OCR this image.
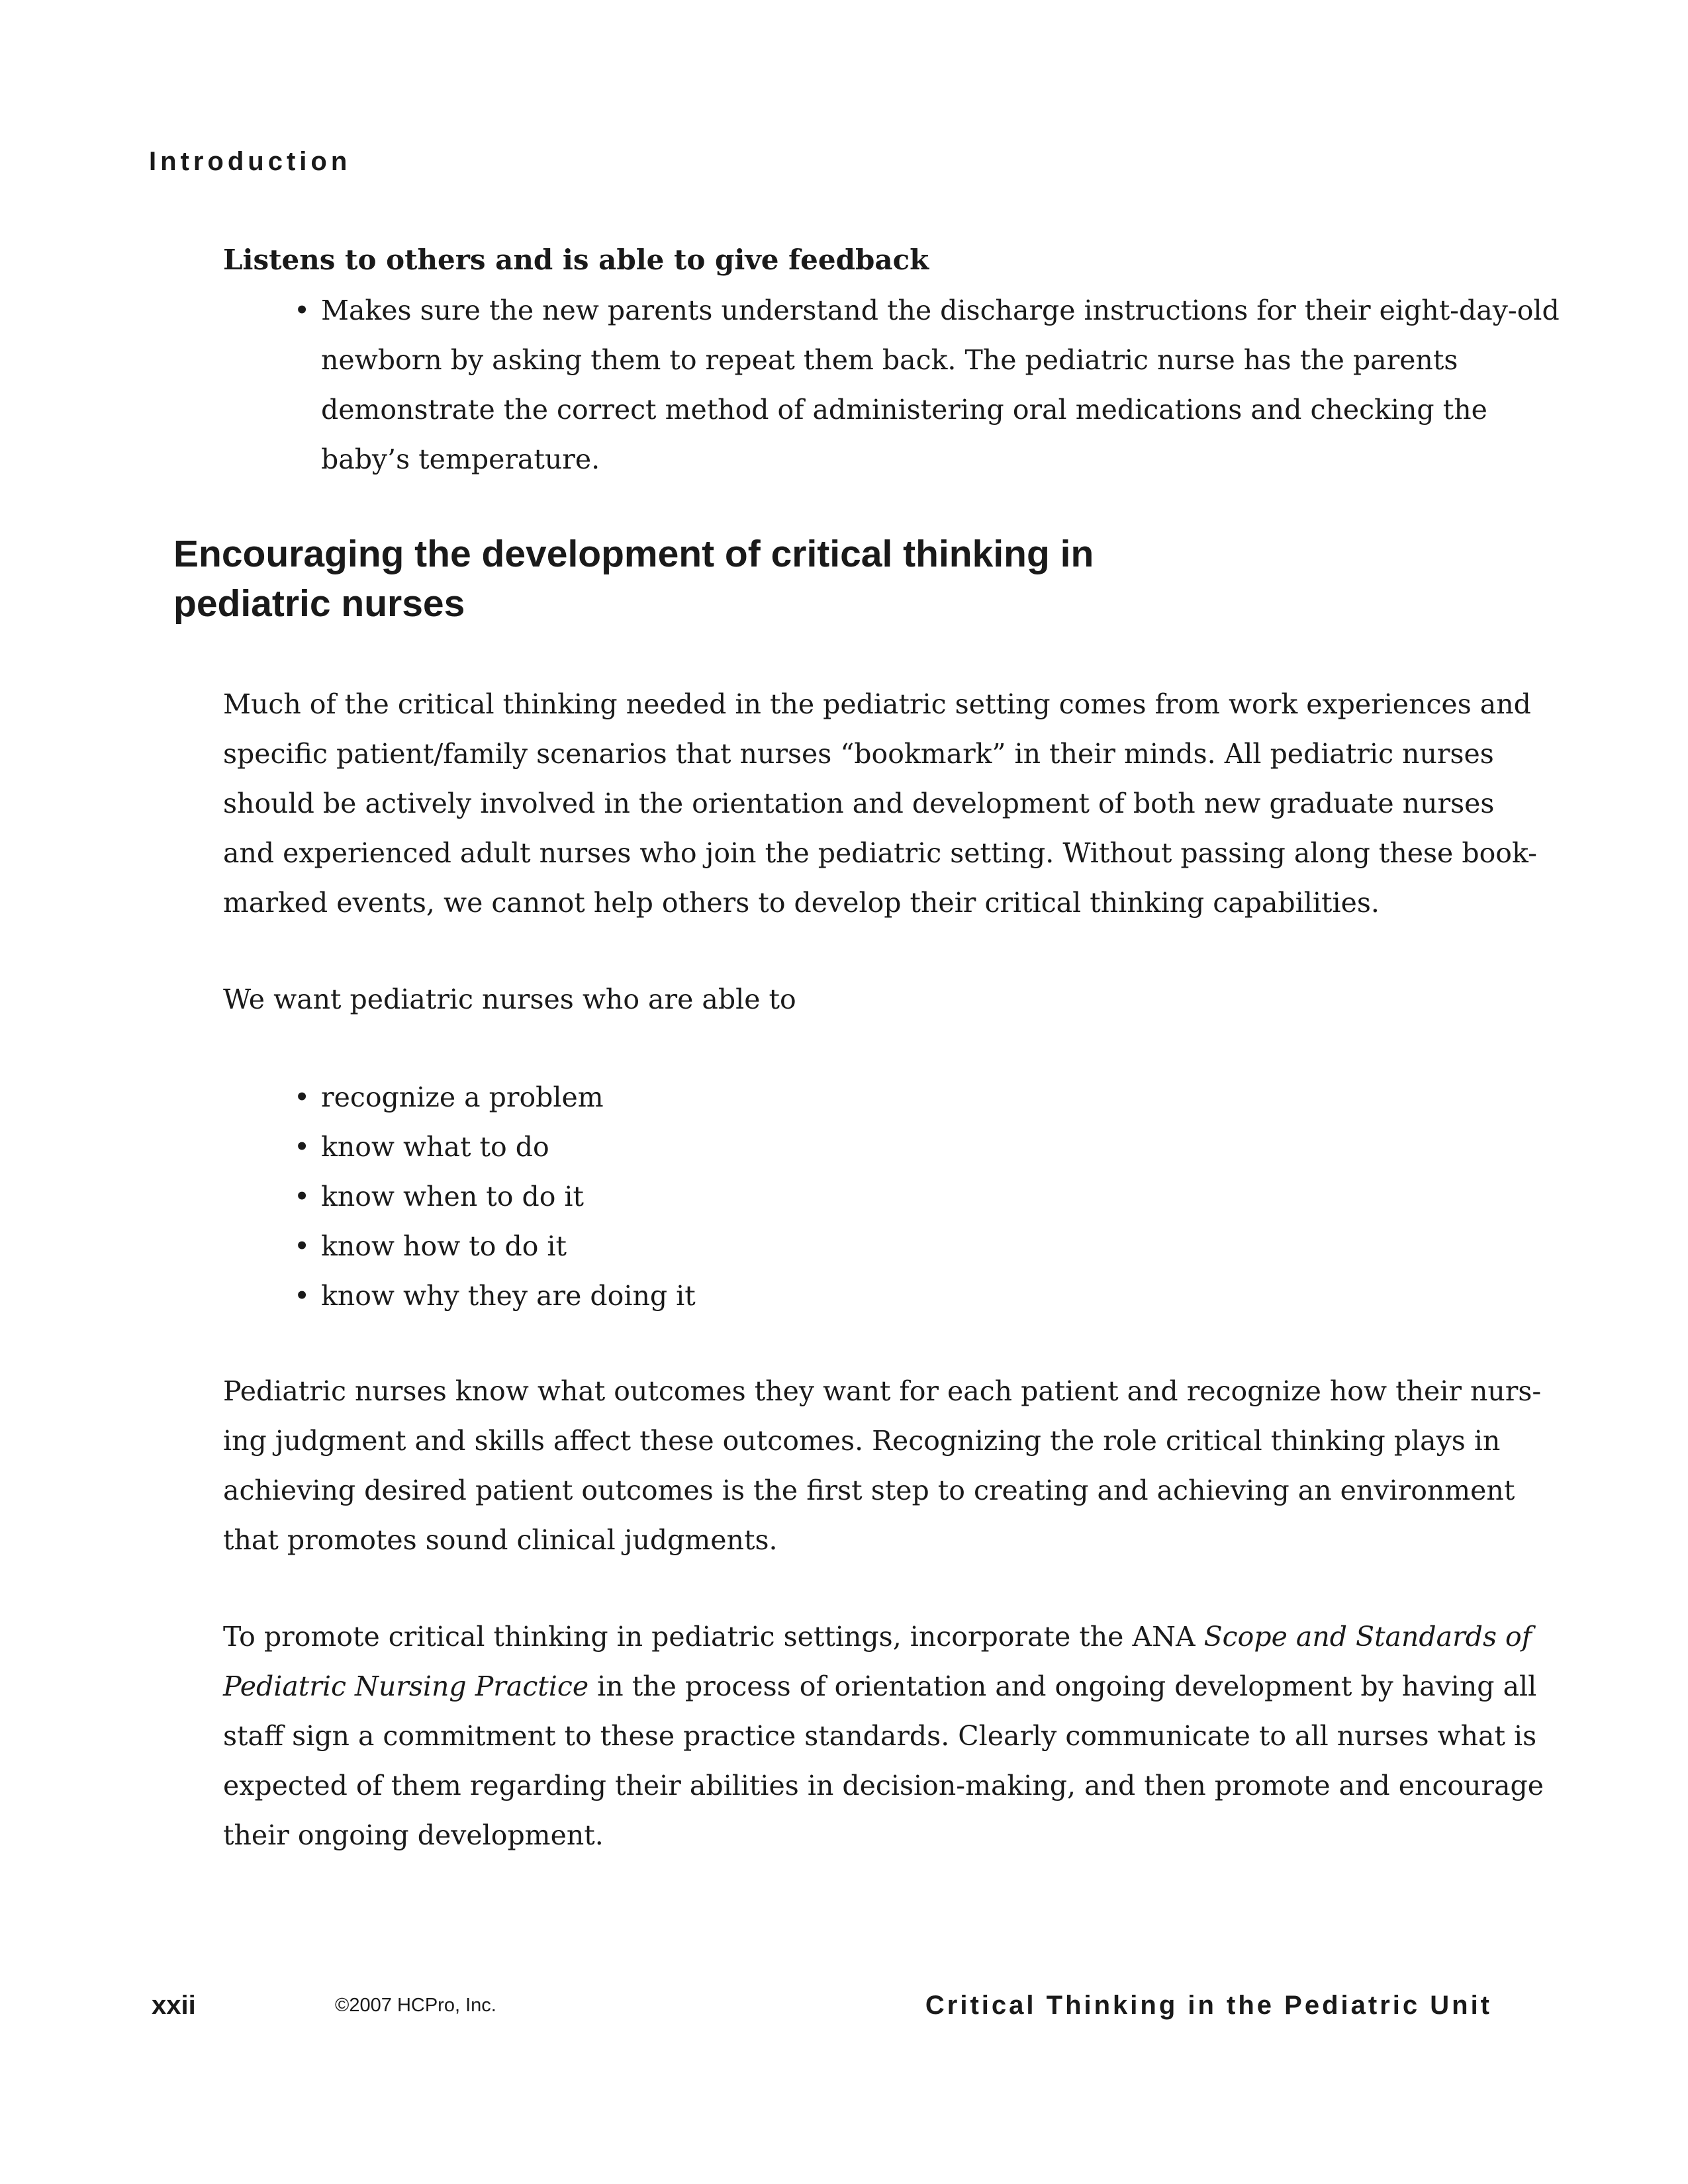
Introduction
Listens to others and is able to give feedback
• Makes sure the new parents understand the discharge instructions for their eight-day-old
newborn by asking them to repeat them back. The pediatric nurse has the parents
demonstrate the correct method of administering oral medications and checking the
baby’s temperature.
Encouraging the development of critical thinking in
pediatric nurses
Much of the critical thinking needed in the pediatric setting comes from work experiences and
specific patient/family scenarios that nurses “bookmark” in their minds. All pediatric nurses
should be actively involved in the orientation and development of both new graduate nurses
and experienced adult nurses who join the pediatric setting. Without passing along these book-
marked events, we cannot help others to develop their critical thinking capabilities.
We want pediatric nurses who are able to
• recognize a problem
• know what to do
• know when to do it
• know how to do it
• know why they are doing it
Pediatric nurses know what outcomes they want for each patient and recognize how their nurs-
ing judgment and skills affect these outcomes. Recognizing the role critical thinking plays in
achieving desired patient outcomes is the first step to creating and achieving an environment
that promotes sound clinical judgments.
To promote critical thinking in pediatric settings, incorporate the ANA Scope and Standards of
Pediatric Nursing Practice in the process of orientation and ongoing development by having all
staff sign a commitment to these practice standards. Clearly communicate to all nurses what is
expected of them regarding their abilities in decision-making, and then promote and encourage
their ongoing development.
xxii	©2007 HCPro, Inc.	Critical Thinking in the Pediatric Unit
